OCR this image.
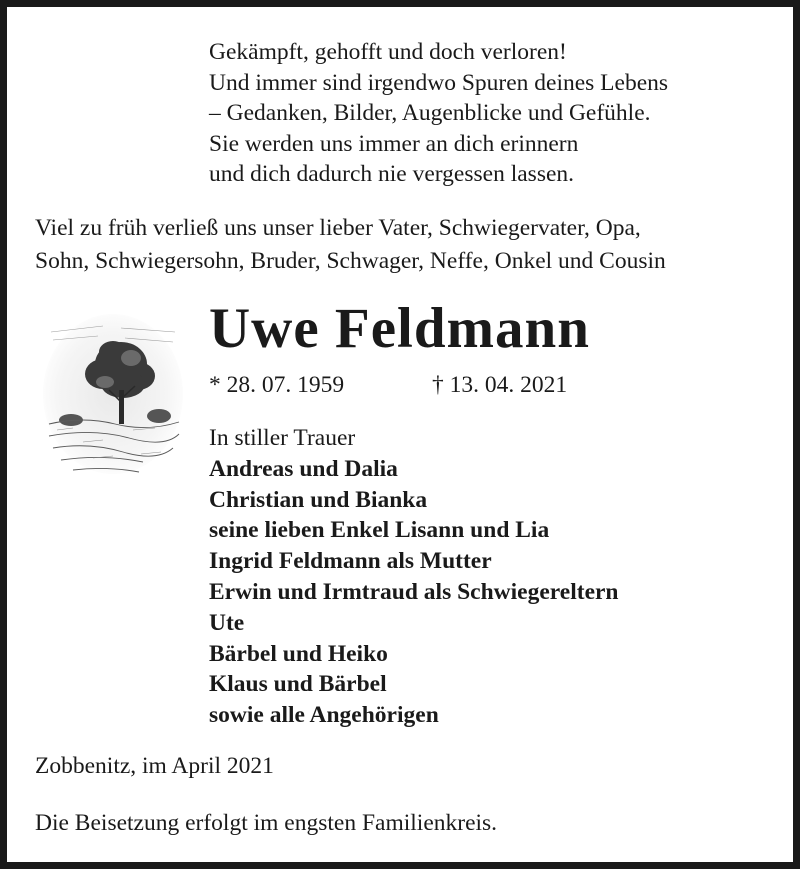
Gekämpft, gehofft und doch verloren!
Und immer sind irgendwo Spuren deines Lebens
– Gedanken, Bilder, Augenblicke und Gefühle.
Sie werden uns immer an dich erinnern
und dich dadurch nie vergessen lassen.
Viel zu früh verließ uns unser lieber Vater, Schwiegervater, Opa,
Sohn, Schwiegersohn, Bruder, Schwager, Neffe, Onkel und Cousin
Uwe Feldmann
* 28. 07. 1959	† 13. 04. 2021
In stiller Trauer
Andreas und Dalia
Christian und Bianka
seine lieben Enkel Lisann und Lia
Ingrid Feldmann als Mutter
Erwin und Irmtraud als Schwiegereltern
Ute
Bärbel und Heiko
Klaus und Bärbel
sowie alle Angehörigen
Zobbenitz, im April 2021
Die Beisetzung erfolgt im engsten Familienkreis.
